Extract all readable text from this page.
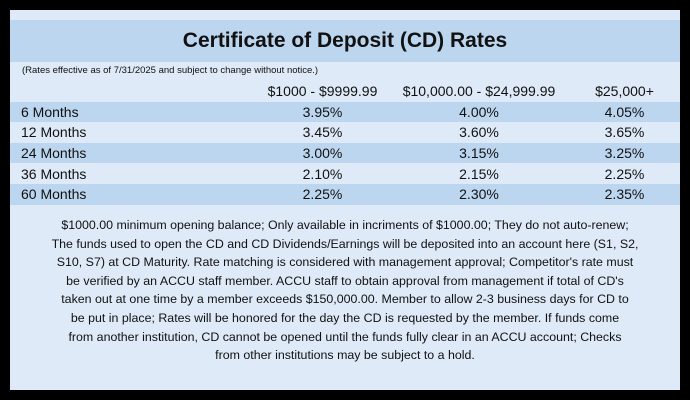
Certificate of Deposit (CD) Rates
(Rates effective as of 7/31/2025 and subject to change without notice.)
	$1000 - $9999.99	$10,000.00 - $24,999.99	$25,000+
6 Months	3.95%	4.00%	4.05%
12 Months	3.45%	3.60%	3.65%
24 Months	3.00%	3.15%	3.25%
36 Months	2.10%	2.15%	2.25%
60 Months	2.25%	2.30%	2.35%
$1000.00 minimum opening balance; Only available in incriments of $1000.00; They do not auto-renew;
The funds used to open the CD and CD Dividends/Earnings will be deposited into an account here (S1, S2,
S10, S7) at CD Maturity. Rate matching is considered with management approval; Competitor's rate must
be verified by an ACCU staff member. ACCU staff to obtain approval from management if total of CD's
taken out at one time by a member exceeds $150,000.00. Member to allow 2-3 business days for CD to
be put in place; Rates will be honored for the day the CD is requested by the member. If funds come
from another institution, CD cannot be opened until the funds fully clear in an ACCU account; Checks
from other institutions may be subject to a hold.
